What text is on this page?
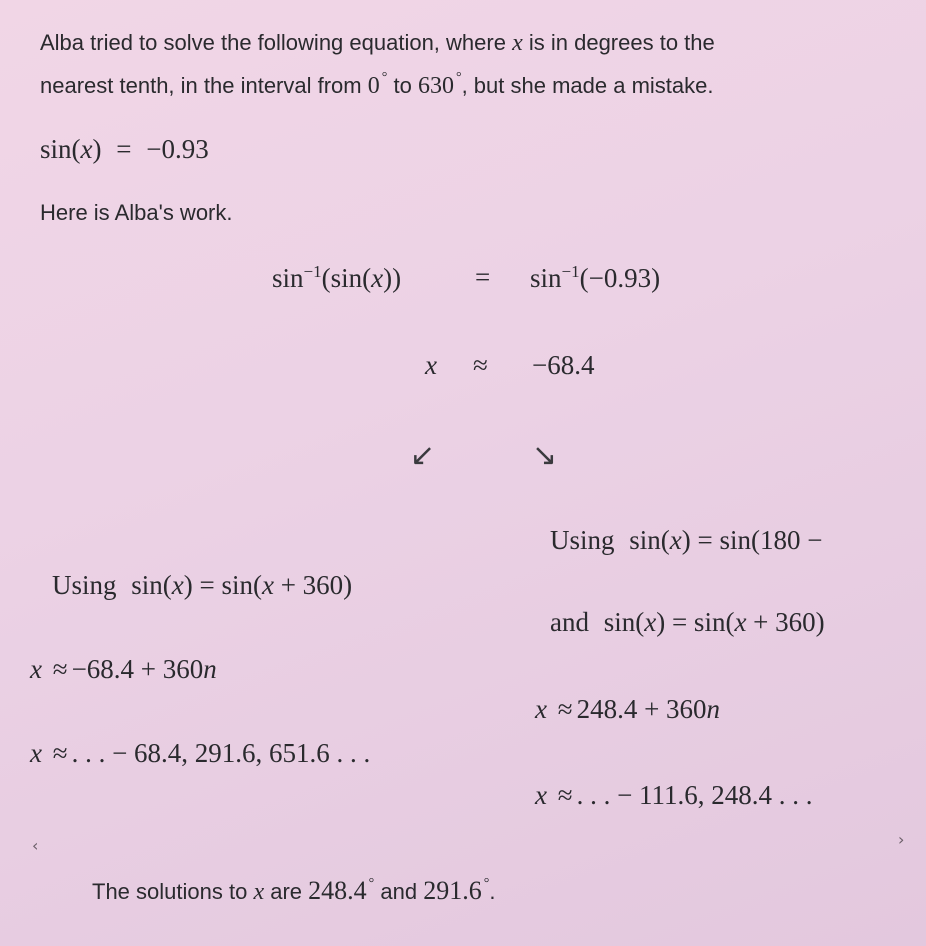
Alba tried to solve the following equation, where x is in degrees to the
nearest tenth, in the interval from 0 ° to 630 °, but she made a mistake.
sin(x) = −0.93
Here is Alba's work.
$\sin^{-1}(\sin(x))$	= $\sin^{-1}(-0.93)$
x ≈ −68.4
↙	↘
Using sin(x) = sin(180 −
and sin(x) = sin(x + 360)
Using sin(x) = sin(x + 360)
x ≈ −68.4 + 360n
x ≈ . . . − 68.4, 291.6, 651.6 . . .
x ≈ 248.4 + 360n
x ≈ . . . − 111.6, 248.4 . . .
‹	›
The solutions to x are 248.4 ° and 291.6 °.
